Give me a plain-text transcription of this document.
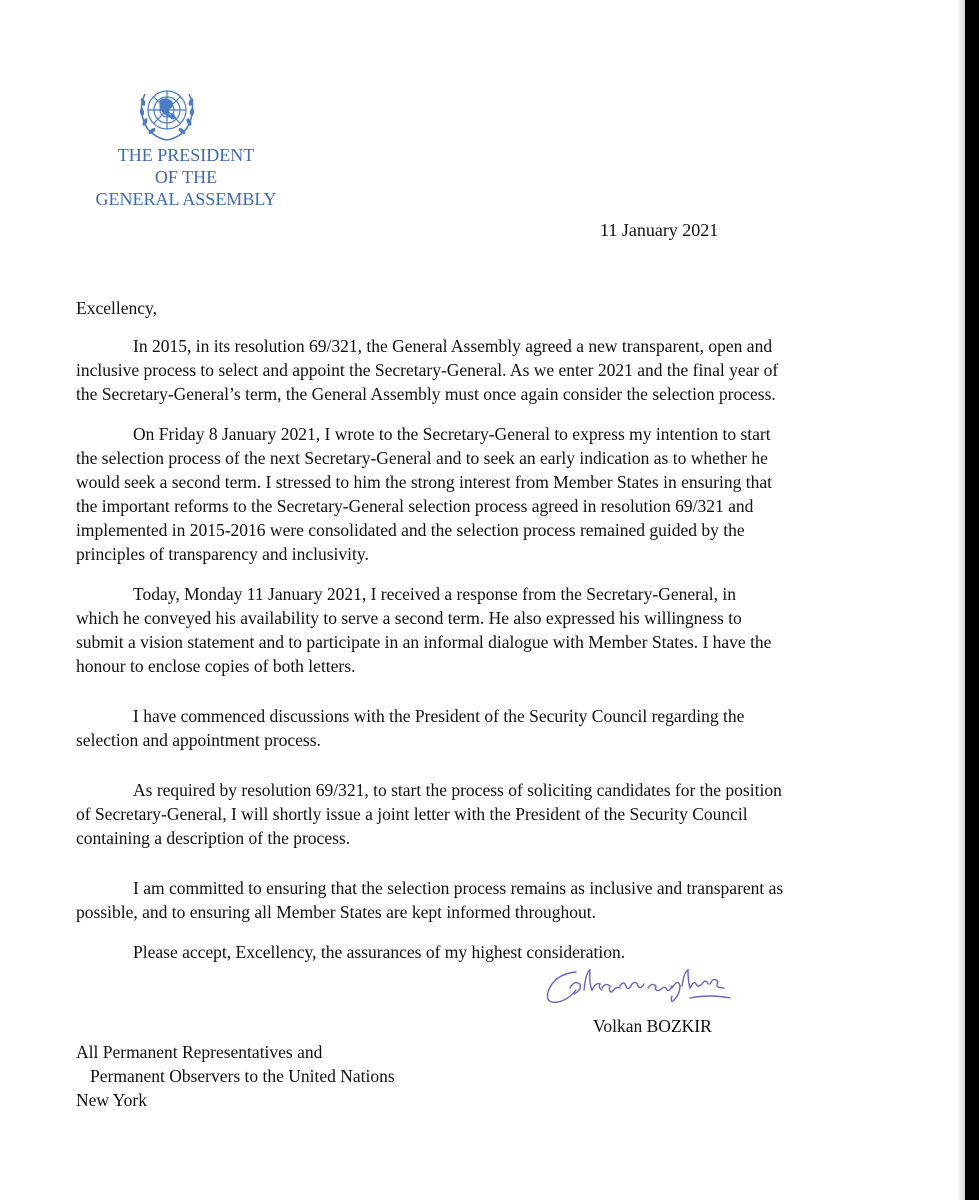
THE PRESIDENT
OF THE
GENERAL ASSEMBLY
11 January 2021

Excellency,

In 2015, in its resolution 69/321, the General Assembly agreed a new transparent, open and
inclusive process to select and appoint the Secretary-General. As we enter 2021 and the final year of
the Secretary-General’s term, the General Assembly must once again consider the selection process.

On Friday 8 January 2021, I wrote to the Secretary-General to express my intention to start
the selection process of the next Secretary-General and to seek an early indication as to whether he
would seek a second term. I stressed to him the strong interest from Member States in ensuring that
the important reforms to the Secretary-General selection process agreed in resolution 69/321 and
implemented in 2015-2016 were consolidated and the selection process remained guided by the
principles of transparency and inclusivity.

Today, Monday 11 January 2021, I received a response from the Secretary-General, in
which he conveyed his availability to serve a second term. He also expressed his willingness to
submit a vision statement and to participate in an informal dialogue with Member States. I have the
honour to enclose copies of both letters.

I have commenced discussions with the President of the Security Council regarding the
selection and appointment process.

As required by resolution 69/321, to start the process of soliciting candidates for the position
of Secretary-General, I will shortly issue a joint letter with the President of the Security Council
containing a description of the process.

I am committed to ensuring that the selection process remains as inclusive and transparent as
possible, and to ensuring all Member States are kept informed throughout.

Please accept, Excellency, the assurances of my highest consideration.

Volkan BOZKIR
All Permanent Representatives and
Permanent Observers to the United Nations
New York
